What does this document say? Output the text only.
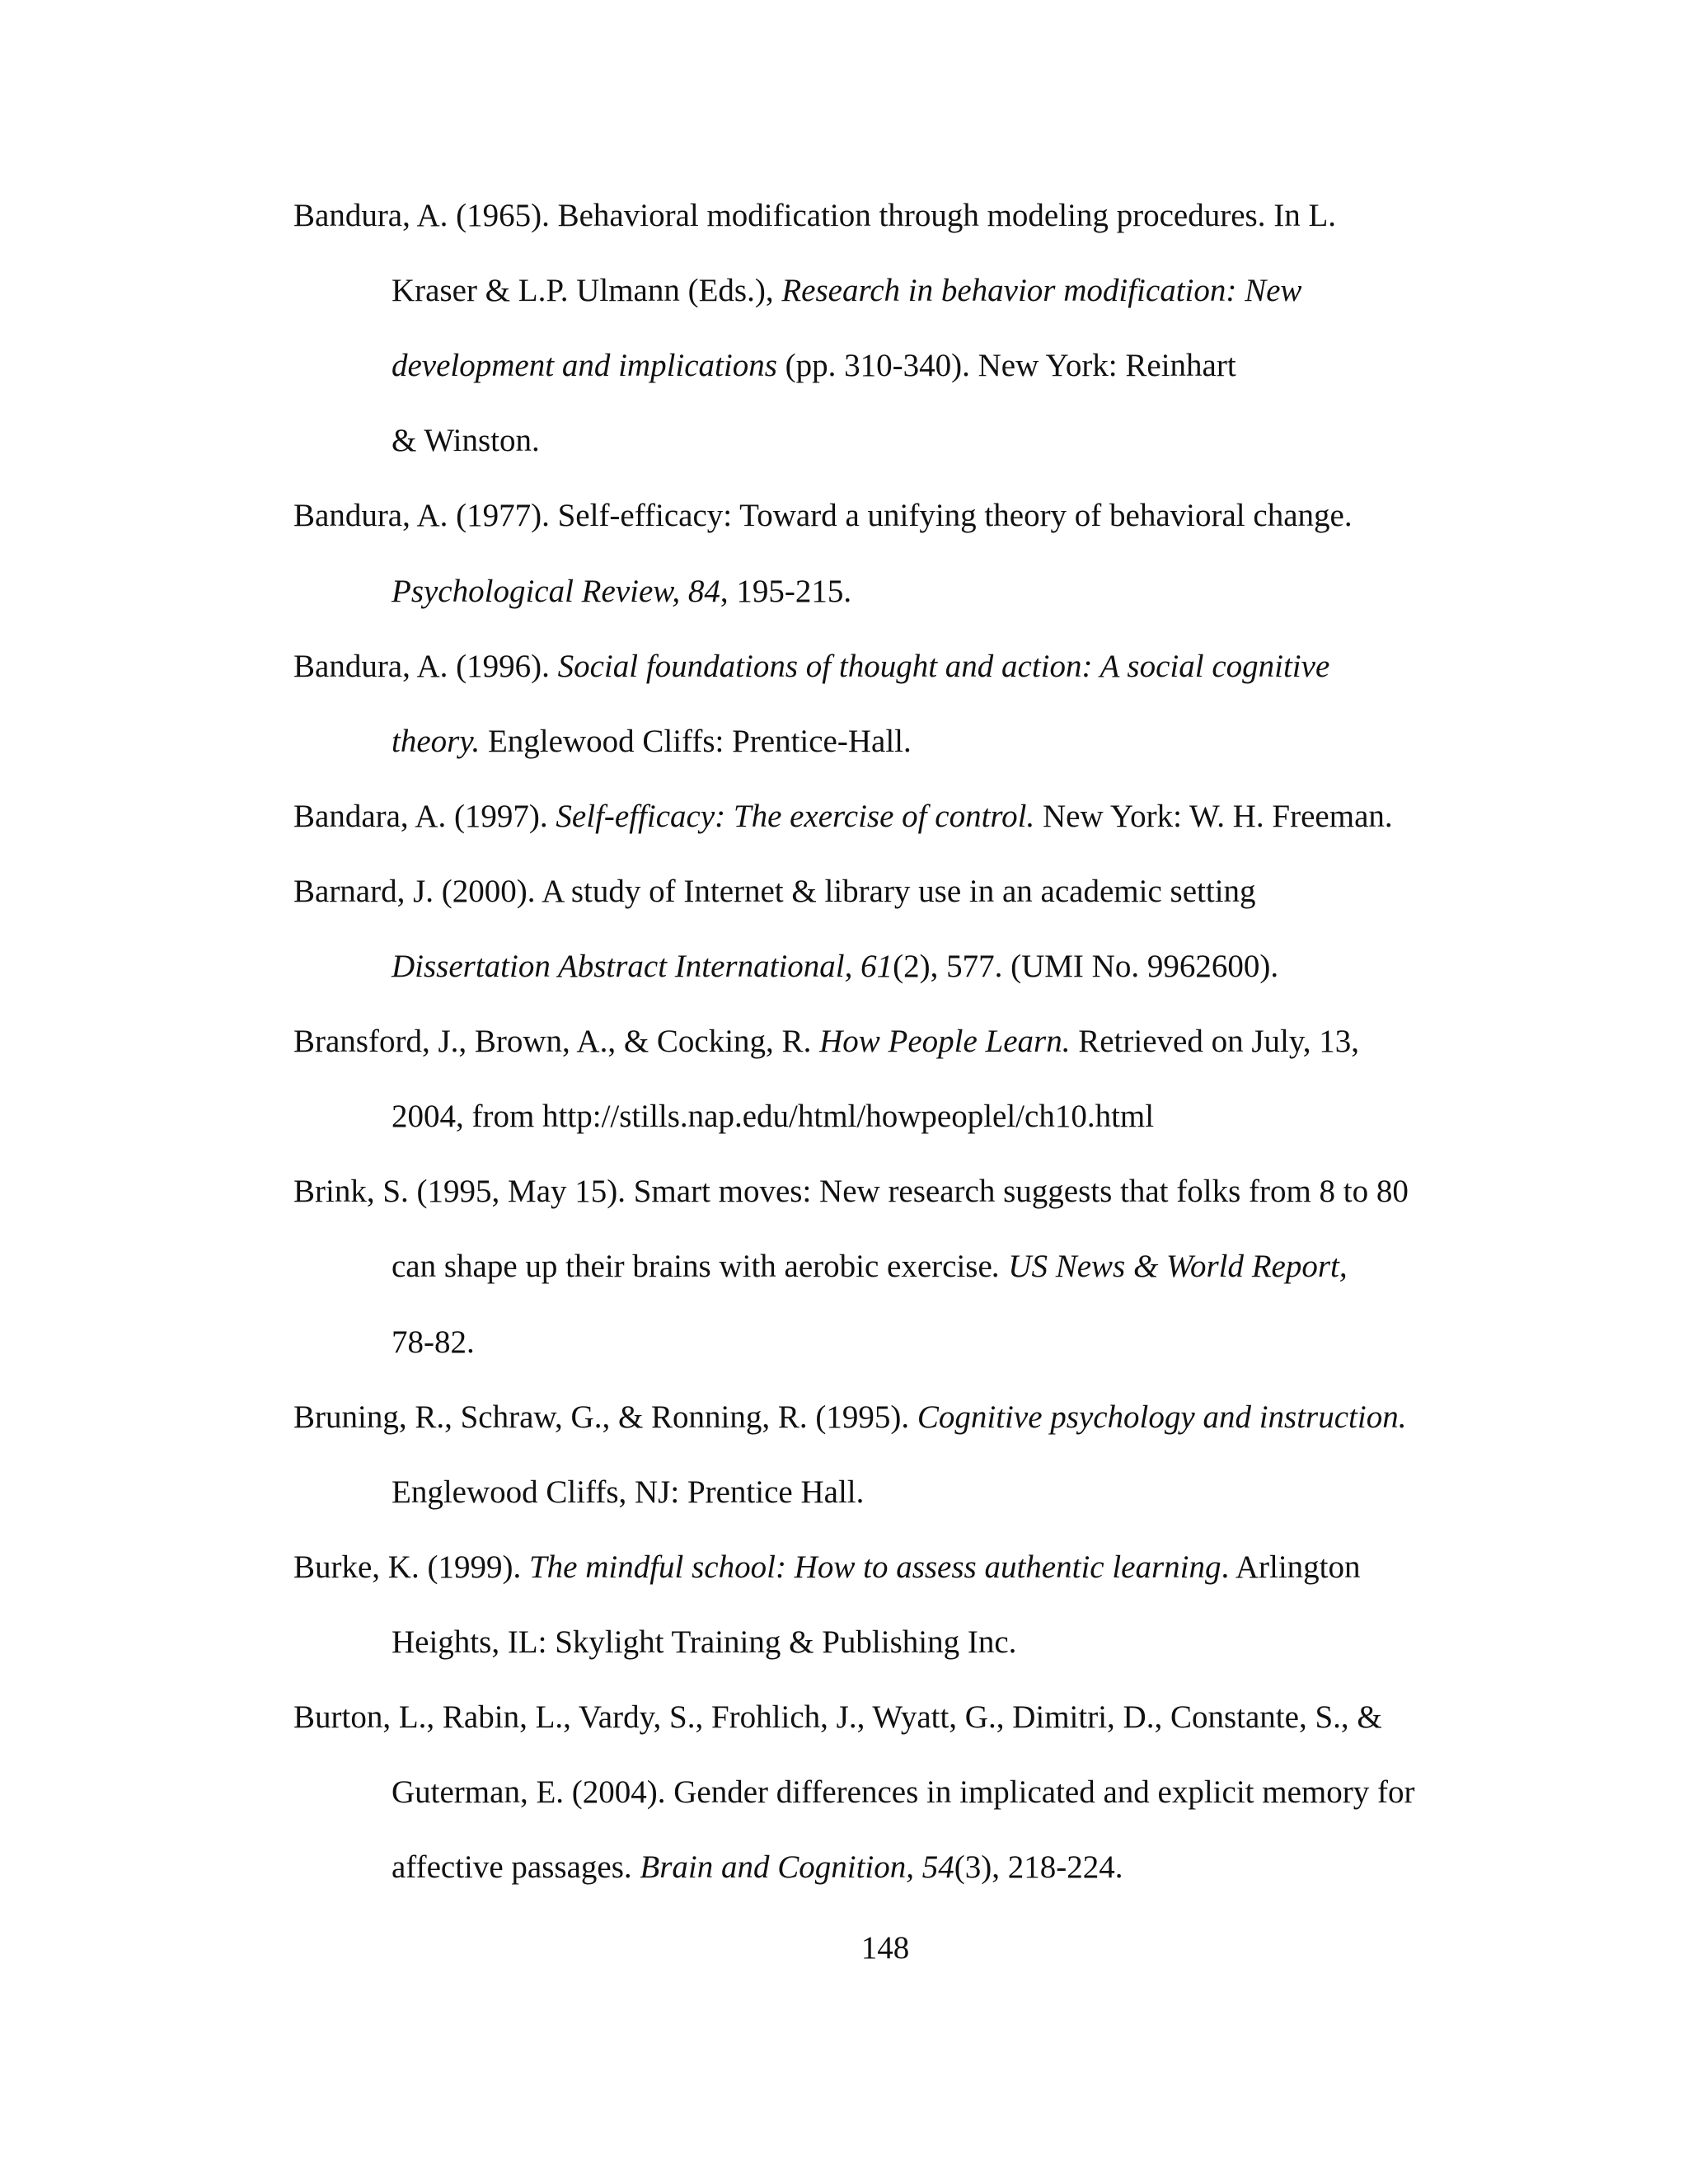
Bandura, A. (1965). Behavioral modification through modeling procedures. In L.
Kraser & L.P. Ulmann (Eds.), Research in behavior modification: New
development and implications (pp. 310-340). New York: Reinhart
& Winston.
Bandura, A. (1977). Self-efficacy: Toward a unifying theory of behavioral change.
Psychological Review, 84, 195-215.
Bandura, A. (1996). Social foundations of thought and action: A social cognitive
theory. Englewood Cliffs: Prentice-Hall.
Bandara, A. (1997). Self-efficacy: The exercise of control. New York: W. H. Freeman.
Barnard, J. (2000). A study of Internet & library use in an academic setting
Dissertation Abstract International, 61(2), 577. (UMI No. 9962600).
Bransford, J., Brown, A., & Cocking, R. How People Learn. Retrieved on July, 13,
2004, from http://stills.nap.edu/html/howpeoplel/ch10.html
Brink, S. (1995, May 15). Smart moves: New research suggests that folks from 8 to 80
can shape up their brains with aerobic exercise. US News & World Report,
78-82.
Bruning, R., Schraw, G., & Ronning, R. (1995). Cognitive psychology and instruction.
Englewood Cliffs, NJ: Prentice Hall.
Burke, K. (1999). The mindful school: How to assess authentic learning. Arlington
Heights, IL: Skylight Training & Publishing Inc.
Burton, L., Rabin, L., Vardy, S., Frohlich, J., Wyatt, G., Dimitri, D., Constante, S., &
Guterman, E. (2004). Gender differences in implicated and explicit memory for
affective passages. Brain and Cognition, 54(3), 218-224.
148
